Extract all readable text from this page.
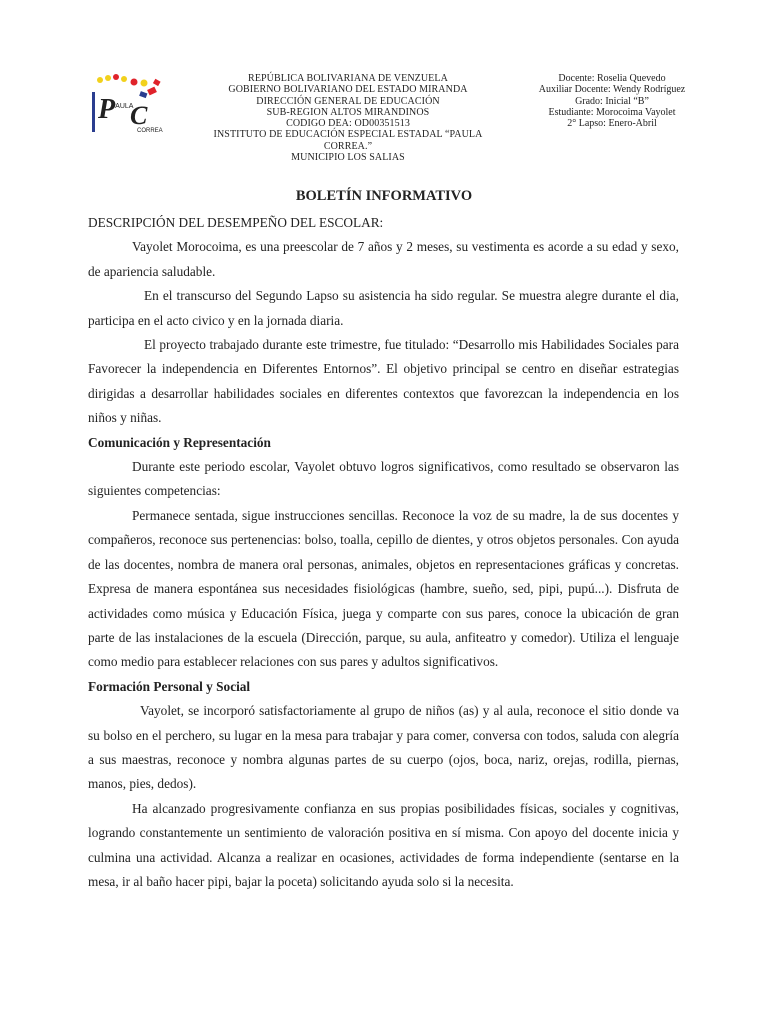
P
PAULA
C
CORREA
REPÚBLICA BOLIVARIANA DE VENZUELA
GOBIERNO BOLIVARIANO DEL ESTADO MIRANDA
DIRECCIÓN GENERAL DE EDUCACIÓN
SUB-REGION ALTOS MIRANDINOS
CODIGO DEA: OD00351513
INSTITUTO DE EDUCACIÓN ESPECIAL ESTADAL “PAULA CORREA.”
MUNICIPIO LOS SALIAS
Docente: Roselia Quevedo
Auxiliar Docente: Wendy Rodríguez
Grado: Inicial “B”
Estudiante: Morocoima Vayolet
2° Lapso: Enero-Abril
BOLETÍN INFORMATIVO

DESCRIPCIÓN DEL DESEMPEÑO DEL ESCOLAR:

Vayolet Morocoima, es una preescolar de 7 años y 2 meses, su vestimenta es acorde a su edad y sexo, de apariencia saludable.

En el transcurso del Segundo Lapso su asistencia ha sido regular. Se muestra alegre durante el dia, participa en el acto civico y en la jornada diaria.

El proyecto trabajado durante este trimestre, fue titulado: “Desarrollo mis Habilidades Sociales para Favorecer la independencia en Diferentes Entornos”. El objetivo principal se centro en diseñar estrategias dirigidas a desarrollar habilidades sociales en diferentes contextos que favorezcan la independencia en los niños y niñas.

Comunicación y Representación

Durante este periodo escolar, Vayolet obtuvo logros significativos, como resultado se observaron las siguientes competencias:

Permanece sentada, sigue instrucciones sencillas. Reconoce la voz de su madre, la de sus docentes y compañeros, reconoce sus pertenencias: bolso, toalla, cepillo de dientes, y otros objetos personales. Con ayuda de las docentes, nombra de manera oral personas, animales, objetos en representaciones gráficas y concretas. Expresa de manera espontánea sus necesidades fisiológicas (hambre, sueño, sed, pipi, pupú...). Disfruta de actividades como música y Educación Física, juega y comparte con sus pares, conoce la ubicación de gran parte de las instalaciones de la escuela (Dirección, parque, su aula, anfiteatro y comedor). Utiliza el lenguaje como medio para establecer relaciones con sus pares y adultos significativos.

Formación Personal y Social

Vayolet, se incorporó satisfactoriamente al grupo de niños (as) y al aula, reconoce el sitio donde va su bolso en el perchero, su lugar en la mesa para trabajar y para comer, conversa con todos, saluda con alegría a sus maestras, reconoce y nombra algunas partes de su cuerpo (ojos, boca, nariz, orejas, rodilla, piernas, manos, pies, dedos).

Ha alcanzado progresivamente confianza en sus propias posibilidades físicas, sociales y cognitivas, logrando constantemente un sentimiento de valoración positiva en sí misma. Con apoyo del docente inicia y culmina una actividad. Alcanza a realizar en ocasiones, actividades de forma independiente (sentarse en la mesa, ir al baño hacer pipi, bajar la poceta) solicitando ayuda solo si la necesita.
